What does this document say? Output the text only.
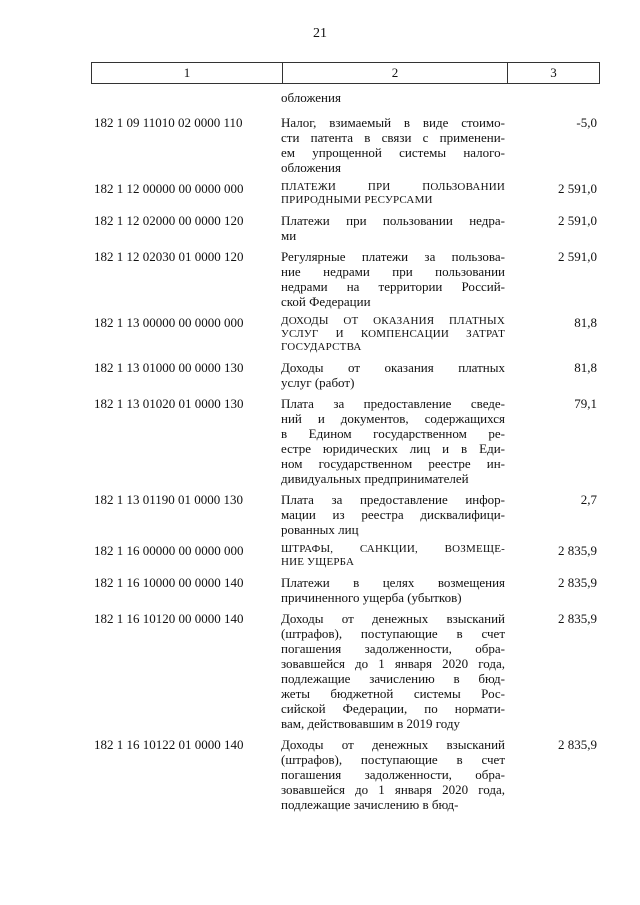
21
1	2	3
обложения
182 1 09 11010 02 0000 110	Налог, взимаемый в виде стоимо-
сти патента в связи с применени-
ем упрощенной системы налого-
обложения
-5,0
182 1 12 00000 00 0000 000	ПЛАТЕЖИ ПРИ ПОЛЬЗОВАНИИ
ПРИРОДНЫМИ РЕСУРСАМИ
2 591,0
182 1 12 02000 00 0000 120	Платежи при пользовании недра-
ми
2 591,0
182 1 12 02030 01 0000 120	Регулярные платежи за пользова-
ние недрами при пользовании
недрами на территории Россий-
ской Федерации
2 591,0
182 1 13 00000 00 0000 000	ДОХОДЫ ОТ ОКАЗАНИЯ ПЛАТНЫХ
УСЛУГ И КОМПЕНСАЦИИ ЗАТРАТ
ГОСУДАРСТВА
81,8
182 1 13 01000 00 0000 130	Доходы от оказания платных
услуг (работ)
81,8
182 1 13 01020 01 0000 130	Плата за предоставление сведе-
ний и документов, содержащихся
в Едином государственном ре-
естре юридических лиц и в Еди-
ном государственном реестре ин-
дивидуальных предпринимателей
79,1
182 1 13 01190 01 0000 130	Плата за предоставление инфор-
мации из реестра дисквалифици-
рованных лиц
2,7
182 1 16 00000 00 0000 000	ШТРАФЫ, САНКЦИИ, ВОЗМЕЩЕ-
НИЕ УЩЕРБА
2 835,9
182 1 16 10000 00 0000 140	Платежи в целях возмещения
причиненного ущерба (убытков)
2 835,9
182 1 16 10120 00 0000 140	Доходы от денежных взысканий
(штрафов), поступающие в счет
погашения задолженности, обра-
зовавшейся до 1 января 2020 года,
подлежащие зачислению в бюд-
жеты бюджетной системы Рос-
сийской Федерации, по нормати-
вам, действовавшим в 2019 году
2 835,9
182 1 16 10122 01 0000 140	Доходы от денежных взысканий
(штрафов), поступающие в счет
погашения задолженности, обра-
зовавшейся до 1 января 2020 года,
подлежащие зачислению в бюд-
2 835,9
